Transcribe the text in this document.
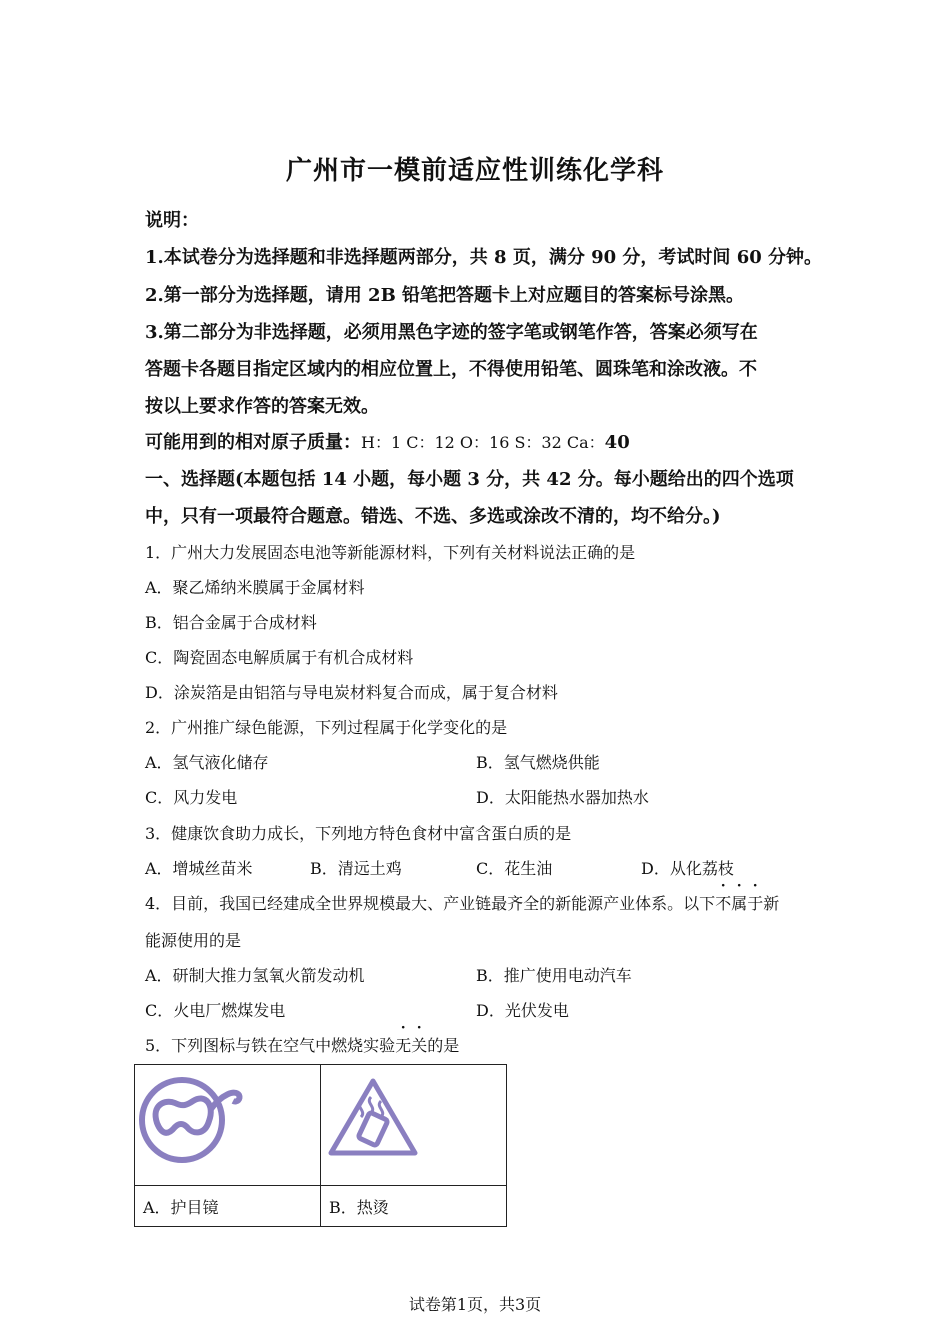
广州市一模前适应性训练化学科
说明：
1.本试卷分为选择题和非选择题两部分，共 8 页，满分 90 分，考试时间 60 分钟。
2.第一部分为选择题，请用 2B 铅笔把答题卡上对应题目的答案标号涂黑。
3.第二部分为非选择题，必须用黑色字迹的签字笔或钢笔作答，答案必须写在
答题卡各题目指定区域内的相应位置上，不得使用铅笔、圆珠笔和涂改液。不
按以上要求作答的答案无效。
可能用到的相对原子质量：H：1 C：12 O：16 S：32 Ca：40
一、选择题(本题包括 14 小题，每小题 3 分，共 42 分。每小题给出的四个选项
中，只有一项最符合题意。错选、不选、多选或涂改不清的，均不给分。)
1．广州大力发展固态电池等新能源材料，下列有关材料说法正确的是
A．聚乙烯纳米膜属于金属材料
B．铝合金属于合成材料
C．陶瓷固态电解质属于有机合成材料
D．涂炭箔是由铝箔与导电炭材料复合而成，属于复合材料
2．广州推广绿色能源，下列过程属于化学变化的是
A．氢气液化储存	B．氢气燃烧供能
C．风力发电	D．太阳能热水器加热水
3．健康饮食助力成长，下列地方特色食材中富含蛋白质的是
A．增城丝苗米	B．清远土鸡	C．花生油	D．从化荔枝
4．目前，我国已经建成全世界规模最大、产业链最齐全的新能源产业体系。以下不属于新
能源使用的是
A．研制大推力氢氧火箭发动机	B．推广使用电动汽车
C．火电厂燃煤发电	D．光伏发电
5．下列图标与铁在空气中燃烧实验无关的是

A．护目镜	B．热烫
试卷第1页，共3页
